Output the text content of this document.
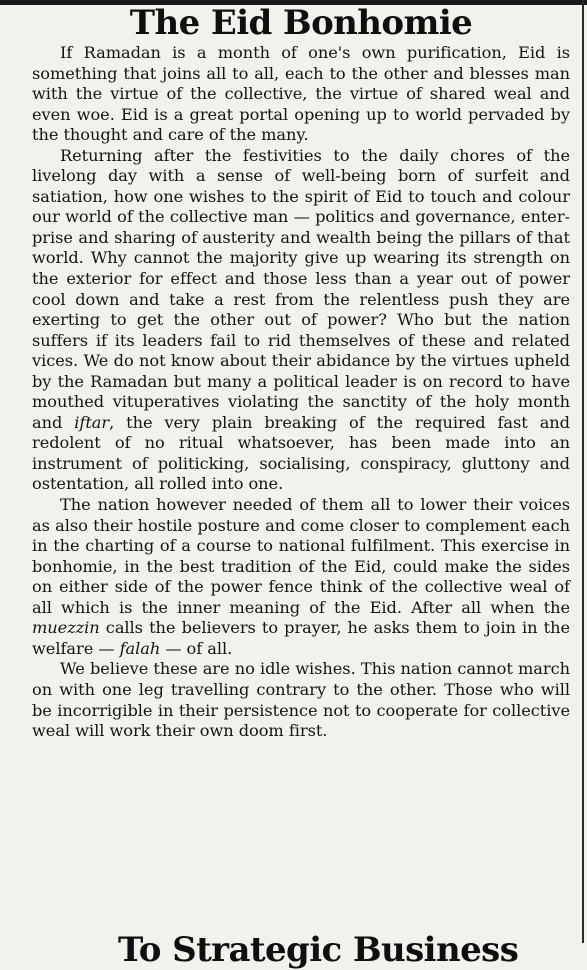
The Eid Bonhomie

If Ramadan is a month of one's own purification, Eid is something that joins all to all, each to the other and blesses man with the virtue of the collective, the virtue of shared weal and even woe. Eid is a great portal opening up to world pervaded by the thought and care of the many.

Returning after the festivities to the daily chores of the livelong day with a sense of well-being born of surfeit and satiation, how one wishes to the spirit of Eid to touch and colour our world of the collective man — politics and governance, enterprise and sharing of austerity and wealth being the pillars of that world. Why cannot the majority give up wearing its strength on the exterior for effect and those less than a year out of power cool down and take a rest from the relentless push they are exerting to get the other out of power? Who but the nation suffers if its leaders fail to rid themselves of these and related vices. We do not know about their abidance by the virtues upheld by the Ramadan but many a political leader is on record to have mouthed vituperatives violating the sanctity of the holy month and iftar, the very plain breaking of the required fast and redolent of no ritual whatsoever, has been made into an instrument of politicking, socialising, conspiracy, gluttony and ostentation, all rolled into one.

The nation however needed of them all to lower their voices as also their hostile posture and come closer to complement each in the charting of a course to national fulfilment. This exercise in bonhomie, in the best tradition of the Eid, could make the sides on either side of the power fence think of the collective weal of all which is the inner meaning of the Eid. After all when the muezzin calls the believers to prayer, he asks them to join in the welfare — falah — of all.

We believe these are no idle wishes. This nation cannot march on with one leg travelling contrary to the other. Those who will be incorrigible in their persistence not to cooperate for collective weal will work their own doom first.

To Strategic Business
